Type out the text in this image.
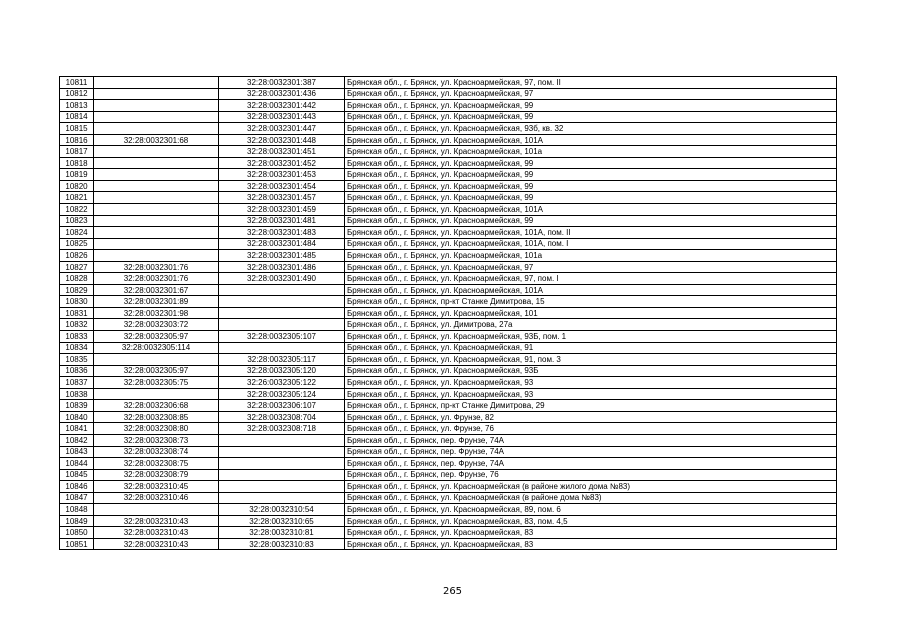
10811		32:28:0032301:387	Брянская обл., г. Брянск, ул. Красноармейская, 97, пом. II
10812		32:28:0032301:436	Брянская обл., г. Брянск, ул. Красноармейская, 97
10813		32:28:0032301:442	Брянская обл., г. Брянск, ул. Красноармейская, 99
10814		32:28:0032301:443	Брянская обл., г. Брянск, ул. Красноармейская, 99
10815		32:28:0032301:447	Брянская обл., г. Брянск, ул. Красноармейская, 93б, кв. 32
10816	32:28:0032301:68	32:28:0032301:448	Брянская обл., г. Брянск, ул. Красноармейская, 101А
10817		32:28:0032301:451	Брянская обл., г. Брянск, ул. Красноармейская, 101а
10818		32:28:0032301:452	Брянская обл., г. Брянск, ул. Красноармейская, 99
10819		32:28:0032301:453	Брянская обл., г. Брянск, ул. Красноармейская, 99
10820		32:28:0032301:454	Брянская обл., г. Брянск, ул. Красноармейская, 99
10821		32:28:0032301:457	Брянская обл., г. Брянск, ул. Красноармейская, 99
10822		32:28:0032301:459	Брянская обл., г. Брянск, ул. Красноармейская, 101А
10823		32:28:0032301:481	Брянская обл., г. Брянск, ул. Красноармейская, 99
10824		32:28:0032301:483	Брянская обл., г. Брянск, ул. Красноармейская, 101А, пом. II
10825		32:28:0032301:484	Брянская обл., г. Брянск, ул. Красноармейская, 101А, пом. I
10826		32:28:0032301:485	Брянская обл., г. Брянск, ул. Красноармейская, 101а
10827	32:28:0032301:76	32:28:0032301:486	Брянская обл., г. Брянск, ул. Красноармейская, 97
10828	32:28:0032301:76	32:28:0032301:490	Брянская обл., г. Брянск, ул. Красноармейская, 97, пом. I
10829	32:28:0032301:67		Брянская обл., г. Брянск, ул. Красноармейская, 101А
10830	32:28:0032301:89		Брянская обл., г. Брянск, пр-кт Станке Димитрова, 15
10831	32:28:0032301:98		Брянская обл., г. Брянск, ул. Красноармейская, 101
10832	32:28:0032303:72		Брянская обл., г. Брянск, ул. Димитрова, 27а
10833	32:28:0032305:97	32:28:0032305:107	Брянская обл., г. Брянск, ул. Красноармейская, 93Б, пом. 1
10834	32:28:0032305:114		Брянская обл., г. Брянск, ул. Красноармейская, 91
10835		32:28:0032305:117	Брянская обл., г. Брянск, ул. Красноармейская, 91, пом. 3
10836	32:28:0032305:97	32:28:0032305:120	Брянская обл., г. Брянск, ул. Красноармейская, 93Б
10837	32:28:0032305:75	32:26:0032305:122	Брянская обл., г. Брянск, ул. Красноармейская, 93
10838		32:28:0032305:124	Брянская обл., г. Брянск, ул. Красноармейская, 93
10839	32:28:0032306:68	32:28:0032306:107	Брянская обл., г. Брянск, пр-кт Станке Димитрова, 29
10840	32:28:0032308:85	32:28:0032308:704	Брянская обл., г. Брянск, ул. Фрунзе, 82
10841	32:28:0032308:80	32:28:0032308:718	Брянская обл., г. Брянск, ул. Фрунзе, 76
10842	32:28:0032308:73		Брянская обл., г. Брянск, пер. Фрунзе, 74А
10843	32:28:0032308:74		Брянская обл., г. Брянск, пер. Фрунзе, 74А
10844	32:28:0032308:75		Брянская обл., г. Брянск, пер. Фрунзе, 74А
10845	32:28:0032308:79		Брянская обл., г. Брянск, пер. Фрунзе, 76
10846	32:28:0032310:45		Брянская обл., г. Брянск, ул. Красноармейская (в районе жилого дома №83)
10847	32:28:0032310:46		Брянская обл., г. Брянск, ул. Красноармейская (в районе дома №83)
10848		32:28:0032310:54	Брянская обл., г. Брянск, ул. Красноармейская, 89, пом. 6
10849	32:28:0032310:43	32:28:0032310:65	Брянская обл., г. Брянск, ул. Красноармейская, 83, пом. 4,5
10850	32:28:0032310:43	32:28:0032310:81	Брянская обл., г. Брянск, ул. Красноармейская, 83
10851	32:28:0032310:43	32:28:0032310:83	Брянская обл., г. Брянск, ул. Красноармейская, 83
265
